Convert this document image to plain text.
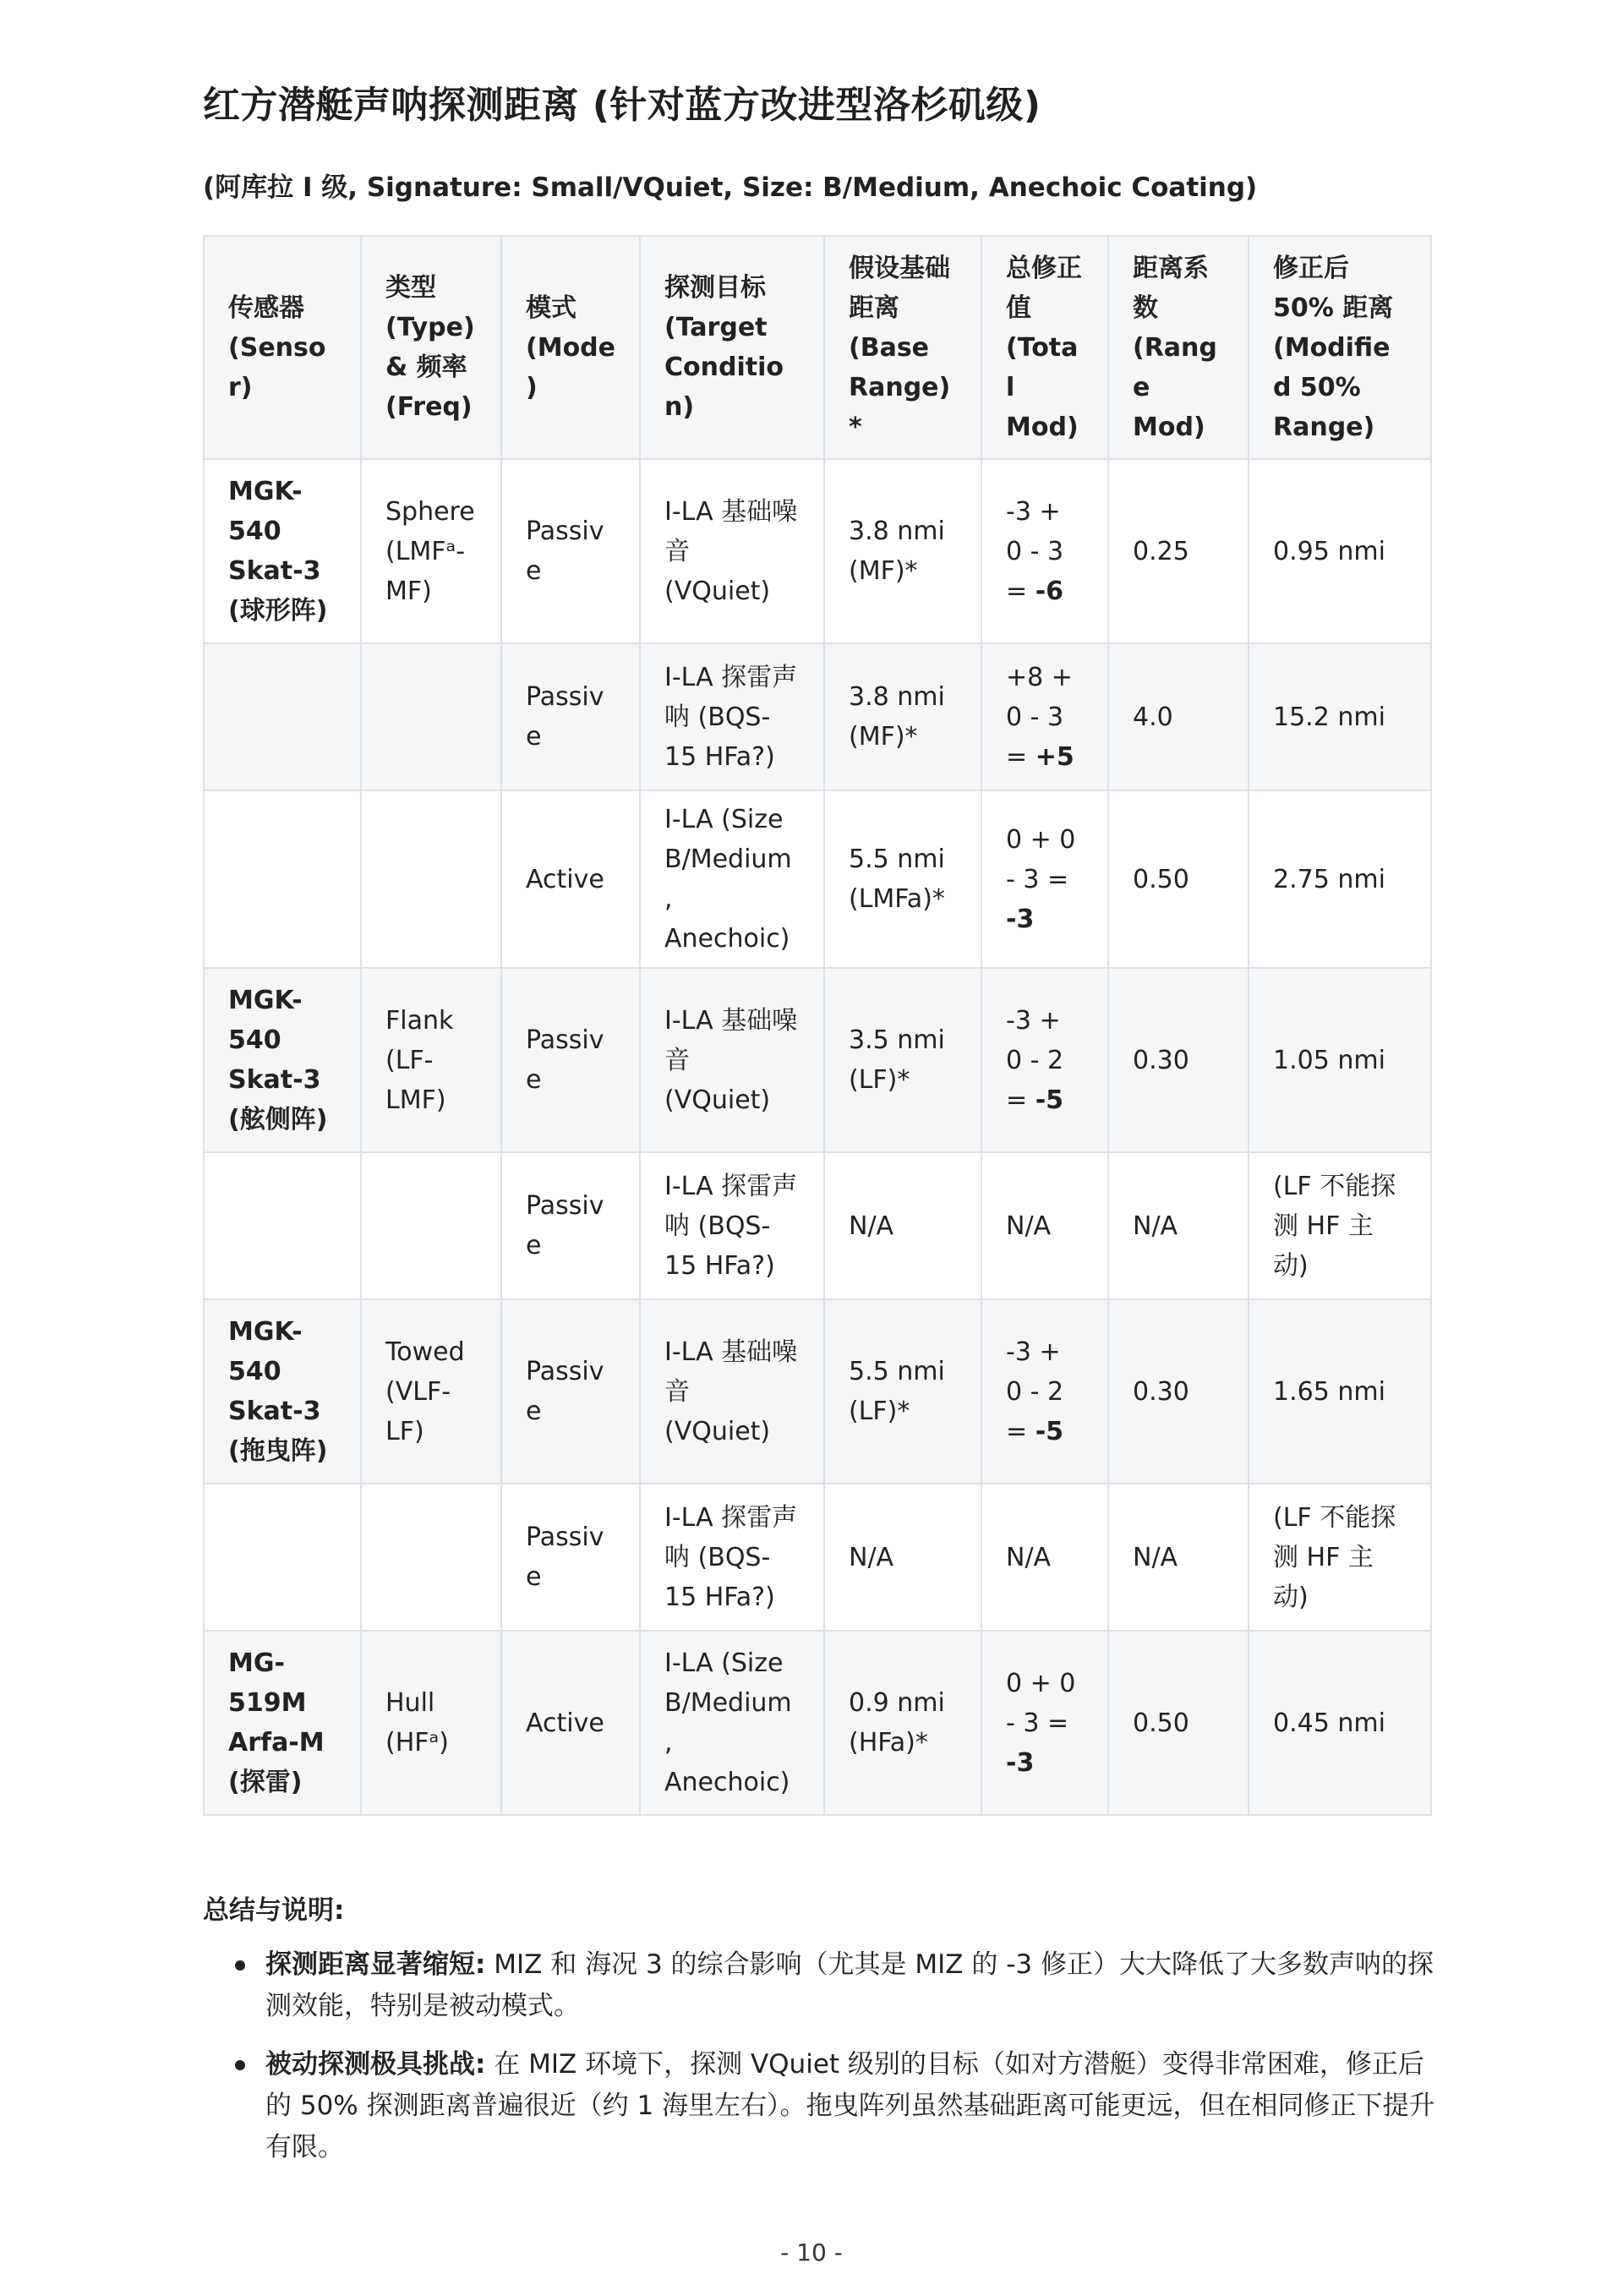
红方潜艇声呐探测距离 (针对蓝方改进型洛杉矶级)

(阿库拉 I 级, Signature: Small/VQuiet, Size: B/Medium, Anechoic Coating)

传感器 (Sensor)	类型 (Type) & 频率 (Freq)	模式 (Mode)	探测目标 (Target Condition)	假设基础距离 (Base Range)*	总修正值 (Total Mod)	距离系数 (Range Mod)	修正后 50% 距离 (Modified 50% Range)
MGK-540 Skat-3 (球形阵)	Sphere (LMFᵃ-MF)	Passive	I-LA 基础噪音 (VQuiet)	3.8 nmi (MF)*	-3 + 0 - 3 = -6	0.25	0.95 nmi
		Passive	I-LA 探雷声呐 (BQS-15 HFa?)	3.8 nmi (MF)*	+8 + 0 - 3 = +5	4.0	15.2 nmi
		Active	I-LA (Size B/Medium, Anechoic)	5.5 nmi (LMFa)*	0 + 0 - 3 = -3	0.50	2.75 nmi
MGK-540 Skat-3 (舷侧阵)	Flank (LF-LMF)	Passive	I-LA 基础噪音 (VQuiet)	3.5 nmi (LF)*	-3 + 0 - 2 = -5	0.30	1.05 nmi
		Passive	I-LA 探雷声呐 (BQS-15 HFa?)	N/A	N/A	N/A	(LF 不能探测 HF 主动)
MGK-540 Skat-3 (拖曳阵)	Towed (VLF-LF)	Passive	I-LA 基础噪音 (VQuiet)	5.5 nmi (LF)*	-3 + 0 - 2 = -5	0.30	1.65 nmi
		Passive	I-LA 探雷声呐 (BQS-15 HFa?)	N/A	N/A	N/A	(LF 不能探测 HF 主动)
MG-519M Arfa-M (探雷)	Hull (HFᵃ)	Active	I-LA (Size B/Medium, Anechoic)	0.9 nmi (HFa)*	0 + 0 - 3 = -3	0.50	0.45 nmi
总结与说明:
探测距离显著缩短: MIZ 和 海况 3 的综合影响（尤其是 MIZ 的 -3 修正）大大降低了大多数声呐的探测效能，特别是被动模式。
被动探测极具挑战: 在 MIZ 环境下，探测 VQuiet 级别的目标（如对方潜艇）变得非常困难，修正后的 50% 探测距离普遍很近（约 1 海里左右）。拖曳阵列虽然基础距离可能更远，但在相同修正下提升有限。
- 10 -
